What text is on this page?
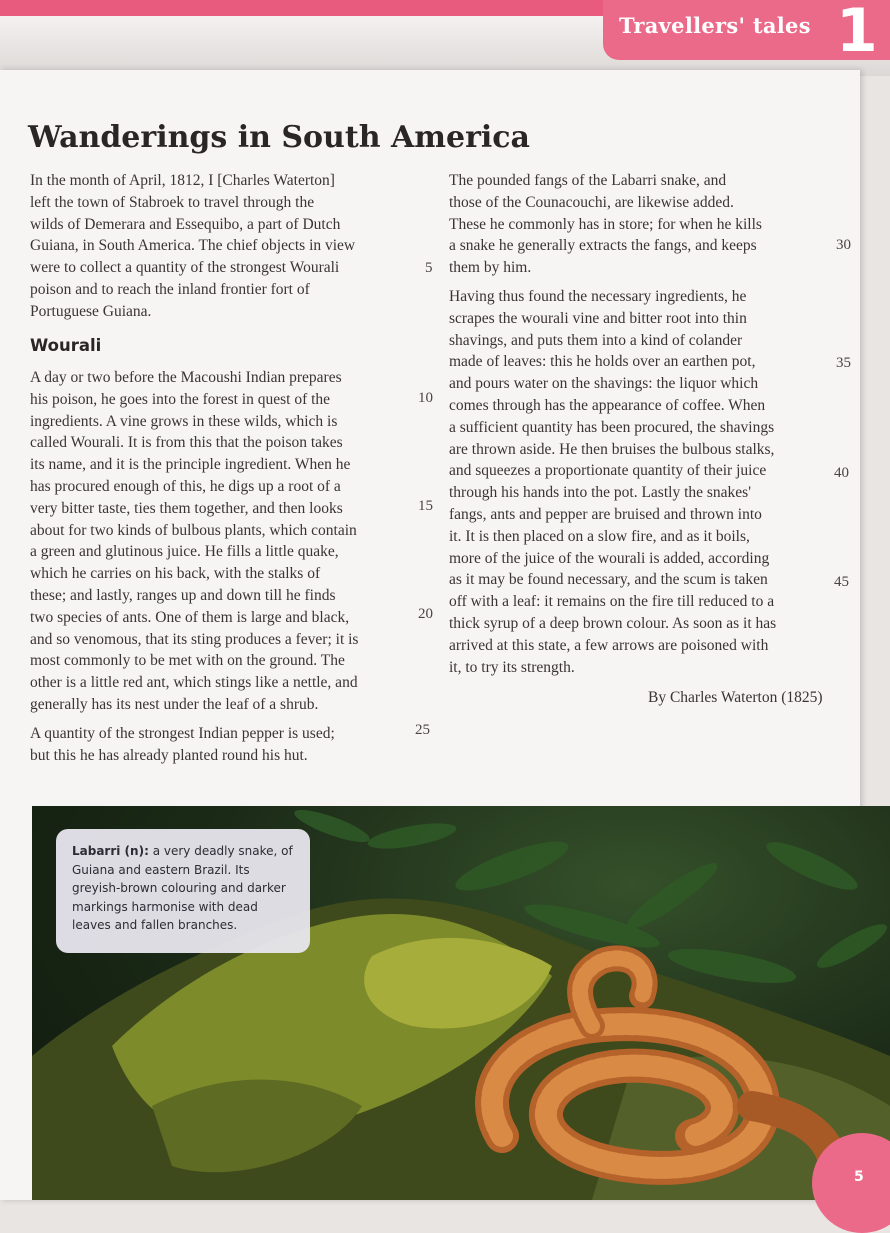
Travellers' tales 1
Wanderings in South America

In the month of April, 1812, I [Charles Waterton]
left the town of Stabroek to travel through the
wilds of Demerara and Essequibo, a part of Dutch
Guiana, in South America. The chief objects in view
were to collect a quantity of the strongest Wourali
poison and to reach the inland frontier fort of
Portuguese Guiana.

Wourali

A day or two before the Macoushi Indian prepares
his poison, he goes into the forest in quest of the
ingredients. A vine grows in these wilds, which is
called Wourali. It is from this that the poison takes
its name, and it is the principle ingredient. When he
has procured enough of this, he digs up a root of a
very bitter taste, ties them together, and then looks
about for two kinds of bulbous plants, which contain
a green and glutinous juice. He fills a little quake,
which he carries on his back, with the stalks of
these; and lastly, ranges up and down till he finds
two species of ants. One of them is large and black,
and so venomous, that its sting produces a fever; it is
most commonly to be met with on the ground. The
other is a little red ant, which stings like a nettle, and
generally has its nest under the leaf of a shrub.

A quantity of the strongest Indian pepper is used;
but this he has already planted round his hut.

The pounded fangs of the Labarri snake, and
those of the Counacouchi, are likewise added.
These he commonly has in store; for when he kills
a snake he generally extracts the fangs, and keeps
them by him.

Having thus found the necessary ingredients, he
scrapes the wourali vine and bitter root into thin
shavings, and puts them into a kind of colander
made of leaves: this he holds over an earthen pot,
and pours water on the shavings: the liquor which
comes through has the appearance of coffee. When
a sufficient quantity has been procured, the shavings
are thrown aside. He then bruises the bulbous stalks,
and squeezes a proportionate quantity of their juice
through his hands into the pot. Lastly the snakes'
fangs, ants and pepper are bruised and thrown into
it. It is then placed on a slow fire, and as it boils,
more of the juice of the wourali is added, according
as it may be found necessary, and the scum is taken
off with a leaf: it remains on the fire till reduced to a
thick syrup of a deep brown colour. As soon as it has
arrived at this state, a few arrows are poisoned with
it, to try its strength.

5
10
15
20
25
30
35
40
45
By Charles Waterton (1825)
Labarri (n): a very deadly snake, of Guiana and eastern Brazil. Its greyish-brown colouring and darker markings harmonise with dead leaves and fallen branches.
5
